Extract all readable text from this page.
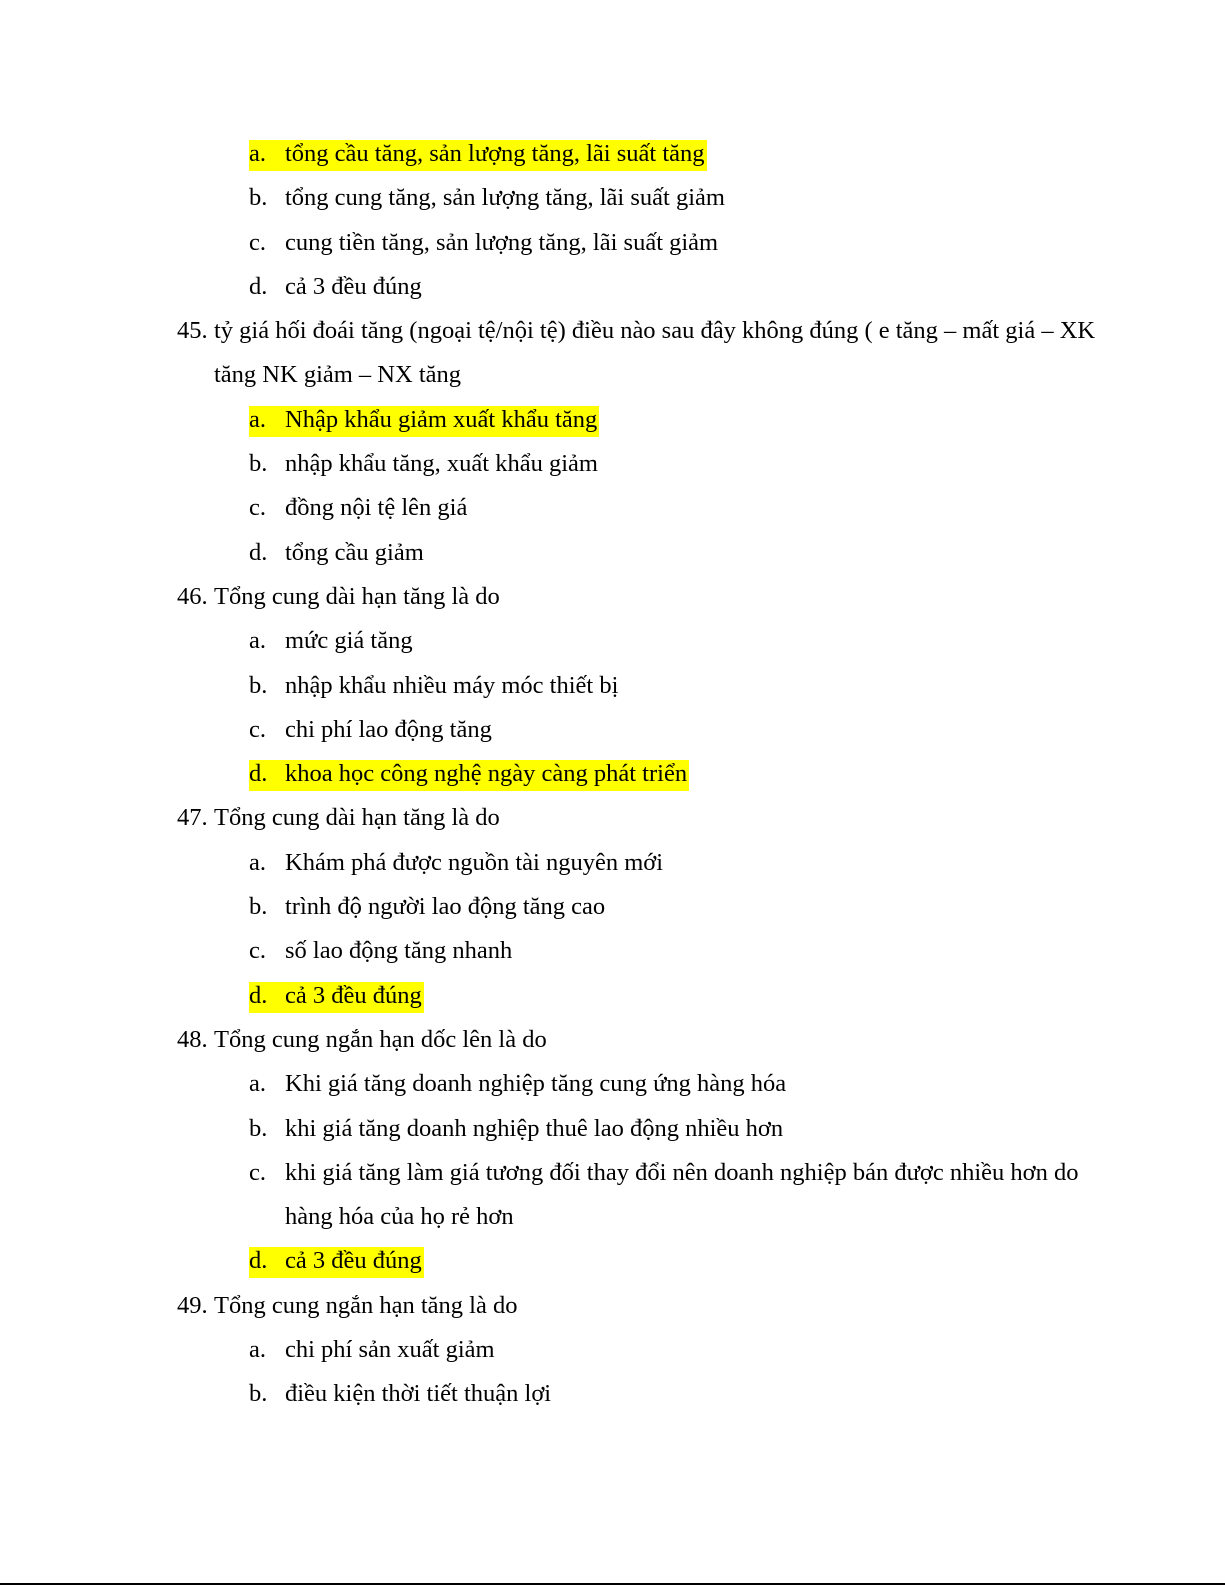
a. tổng cầu tăng, sản lượng tăng, lãi suất tăng
b. tổng cung tăng, sản lượng tăng, lãi suất giảm
c. cung tiền tăng, sản lượng tăng, lãi suất giảm
d. cả 3 đều đúng
45. tỷ giá hối đoái tăng (ngoại tệ/nội tệ) điều nào sau đây không đúng ( e tăng – mất giá – XK
tăng NK giảm – NX tăng
a. Nhập khẩu giảm xuất khẩu tăng
b. nhập khẩu tăng, xuất khẩu giảm
c. đồng nội tệ lên giá
d. tổng cầu giảm
46. Tổng cung dài hạn tăng là do
a. mức giá tăng
b. nhập khẩu nhiều máy móc thiết bị
c. chi phí lao động tăng
d. khoa học công nghệ ngày càng phát triển
47. Tổng cung dài hạn tăng là do
a. Khám phá được nguồn tài nguyên mới
b. trình độ người lao động tăng cao
c. số lao động tăng nhanh
d. cả 3 đều đúng
48. Tổng cung ngắn hạn dốc lên là do
a. Khi giá tăng doanh nghiệp tăng cung ứng hàng hóa
b. khi giá tăng doanh nghiệp thuê lao động nhiều hơn
c. khi giá tăng làm giá tương đối thay đổi nên doanh nghiệp bán được nhiều hơn do
hàng hóa của họ rẻ hơn
d. cả 3 đều đúng
49. Tổng cung ngắn hạn tăng là do
a. chi phí sản xuất giảm
b. điều kiện thời tiết thuận lợi
